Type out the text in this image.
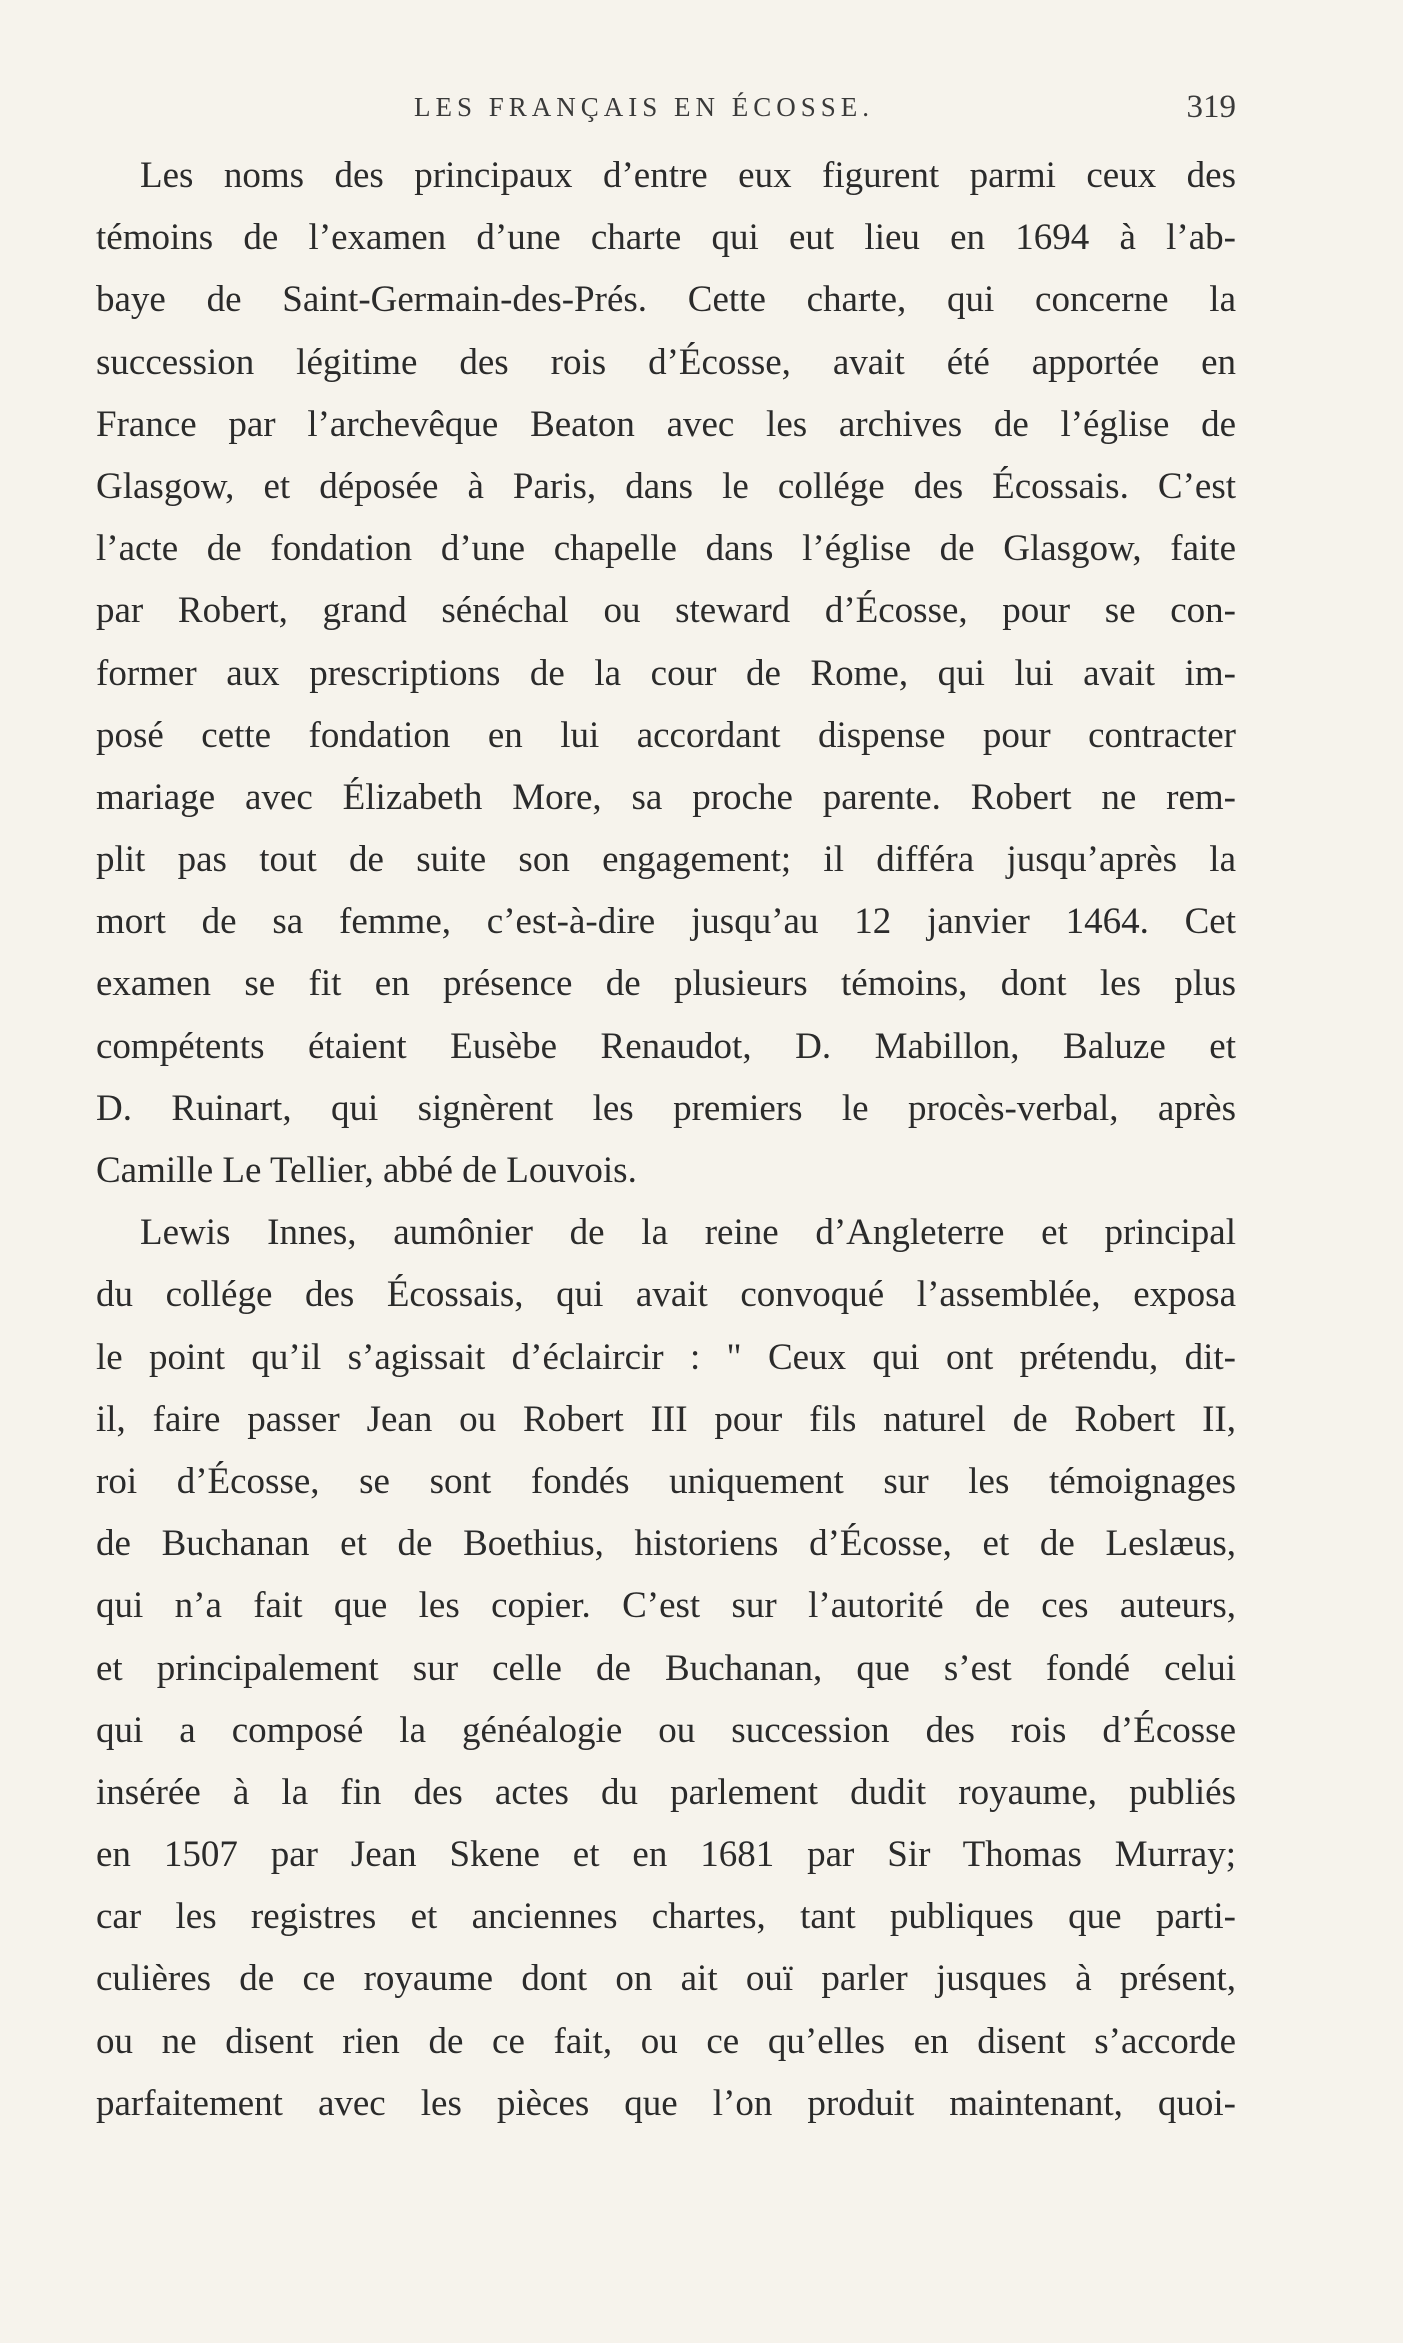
LES FRANÇAIS EN ÉCOSSE.	319
Les noms des principaux d’entre eux figurent parmi ceux des
témoins de l’examen d’une charte qui eut lieu en 1694 à l’ab-
baye de Saint-Germain-des-Prés. Cette charte, qui concerne la
succession légitime des rois d’Écosse, avait été apportée en
France par l’archevêque Beaton avec les archives de l’église de
Glasgow, et déposée à Paris, dans le collége des Écossais. C’est
l’acte de fondation d’une chapelle dans l’église de Glasgow, faite
par Robert, grand sénéchal ou steward d’Écosse, pour se con-
former aux prescriptions de la cour de Rome, qui lui avait im-
posé cette fondation en lui accordant dispense pour contracter
mariage avec Élizabeth More, sa proche parente. Robert ne rem-
plit pas tout de suite son engagement; il différa jusqu’après la
mort de sa femme, c’est-à-dire jusqu’au 12 janvier 1464. Cet
examen se fit en présence de plusieurs témoins, dont les plus
compétents étaient Eusèbe Renaudot, D. Mabillon, Baluze et
D. Ruinart, qui signèrent les premiers le procès-verbal, après
Camille Le Tellier, abbé de Louvois.
Lewis Innes, aumônier de la reine d’Angleterre et principal
du collége des Écossais, qui avait convoqué l’assemblée, exposa
le point qu’il s’agissait d’éclaircir : " Ceux qui ont prétendu, dit-
il, faire passer Jean ou Robert III pour fils naturel de Robert II,
roi d’Écosse, se sont fondés uniquement sur les témoignages
de Buchanan et de Boethius, historiens d’Écosse, et de Leslæus,
qui n’a fait que les copier. C’est sur l’autorité de ces auteurs,
et principalement sur celle de Buchanan, que s’est fondé celui
qui a composé la généalogie ou succession des rois d’Écosse
insérée à la fin des actes du parlement dudit royaume, publiés
en 1507 par Jean Skene et en 1681 par Sir Thomas Murray;
car les registres et anciennes chartes, tant publiques que parti-
culières de ce royaume dont on ait ouï parler jusques à présent,
ou ne disent rien de ce fait, ou ce qu’elles en disent s’accorde
parfaitement avec les pièces que l’on produit maintenant, quoi-
